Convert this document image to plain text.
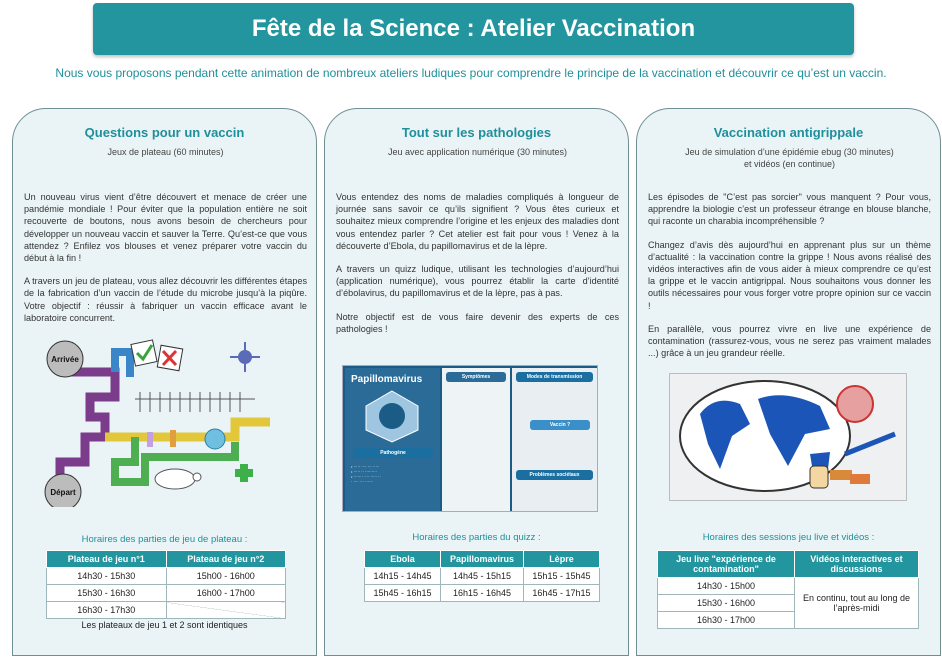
Fête de la Science : Atelier Vaccination
Nous vous proposons pendant cette animation de nombreux ateliers ludiques pour comprendre le principe de la vaccination et découvrir ce qu’est un vaccin.
Questions pour un vaccin
Jeux de plateau (60 minutes)

Un nouveau virus vient d’être découvert et menace de créer une pandémie mondiale ! Pour éviter que la population entière ne soit recouverte de boutons, nous avons besoin de chercheurs pour développer un nouveau vaccin et sauver la Terre. Qu’est-ce que vous attendez ? Enfilez vos blouses et venez préparer votre vaccin du début à la fin !

A travers un jeu de plateau, vous allez découvrir les différentes étapes de la fabrication d’un vaccin de l’étude du microbe jusqu’à la piqûre. Votre objectif : réussir à fabriquer un vaccin efficace avant le laboratoire concurrent.

Arrivée
Départ
Horaires des parties de jeu de plateau :
Plateau de jeu n°1	Plateau de jeu n°2
14h30 - 15h30	15h00 - 16h00
15h30 - 16h30	16h00 - 17h00
16h30 - 17h30	
Les plateaux de jeu 1 et 2 sont identiques
Tout sur les pathologies
Jeu avec application numérique (30 minutes)

Vous entendez des noms de maladies compliqués à longueur de journée sans savoir ce qu’ils signifient ? Vous êtes curieux et souhaitez mieux comprendre l’origine et les enjeux des maladies dont vous entendez parler ? Cet atelier est fait pour vous ! Venez à la découverte d’Ebola, du papillomavirus et de la lèpre.

A travers un quizz ludique, utilisant les technologies d’aujourd’hui (application numérique), vous pourrez établir la carte d’identité d’ébolavirus, du papillomavirus et de la lèpre, pas à pas.

Notre objectif est de vous faire devenir des experts de ces pathologies !

Papillomavirus
Pathogène
• ····· ···· ··· ·····
• ····· ·· ·········
• ······· ···· ····· ··
· ···· ··· ······
Symptômes	Modes de transmission
Vaccin ?
Problèmes sociétaux
Horaires des parties du quizz :
Ebola	Papillomavirus	Lèpre
14h15 - 14h45	14h45 - 15h15	15h15 - 15h45
15h45 - 16h15	16h15 - 16h45	16h45 - 17h15
Vaccination antigrippale
Jeu de simulation d’une épidémie ebug (30 minutes)
et vidéos (en continue)

Les épisodes de "C’est pas sorcier" vous manquent ? Pour vous, apprendre la biologie c’est un professeur étrange en blouse blanche, qui raconte un charabia incompréhensible ?

Changez d’avis dès aujourd’hui en apprenant plus sur un thème d’actualité : la vaccination contre la grippe ! Nous avons réalisé des vidéos interactives afin de vous aider à mieux comprendre ce qu’est la grippe et le vaccin antigrippal. Nous souhaitons vous donner les outils nécessaires pour vous forger votre propre opinion sur ce vaccin !

En parallèle, vous pourrez vivre en live une expérience de contamination (rassurez-vous, vous ne serez pas vraiment malades ...) grâce à un jeu grandeur réelle.

Horaires des sessions jeu live et vidéos :
Jeu live "expérience de contamination"	Vidéos interactives et discussions
14h30 - 15h00	En continu, tout au long de l’après-midi
15h30 - 16h00	
16h30 - 17h00	
